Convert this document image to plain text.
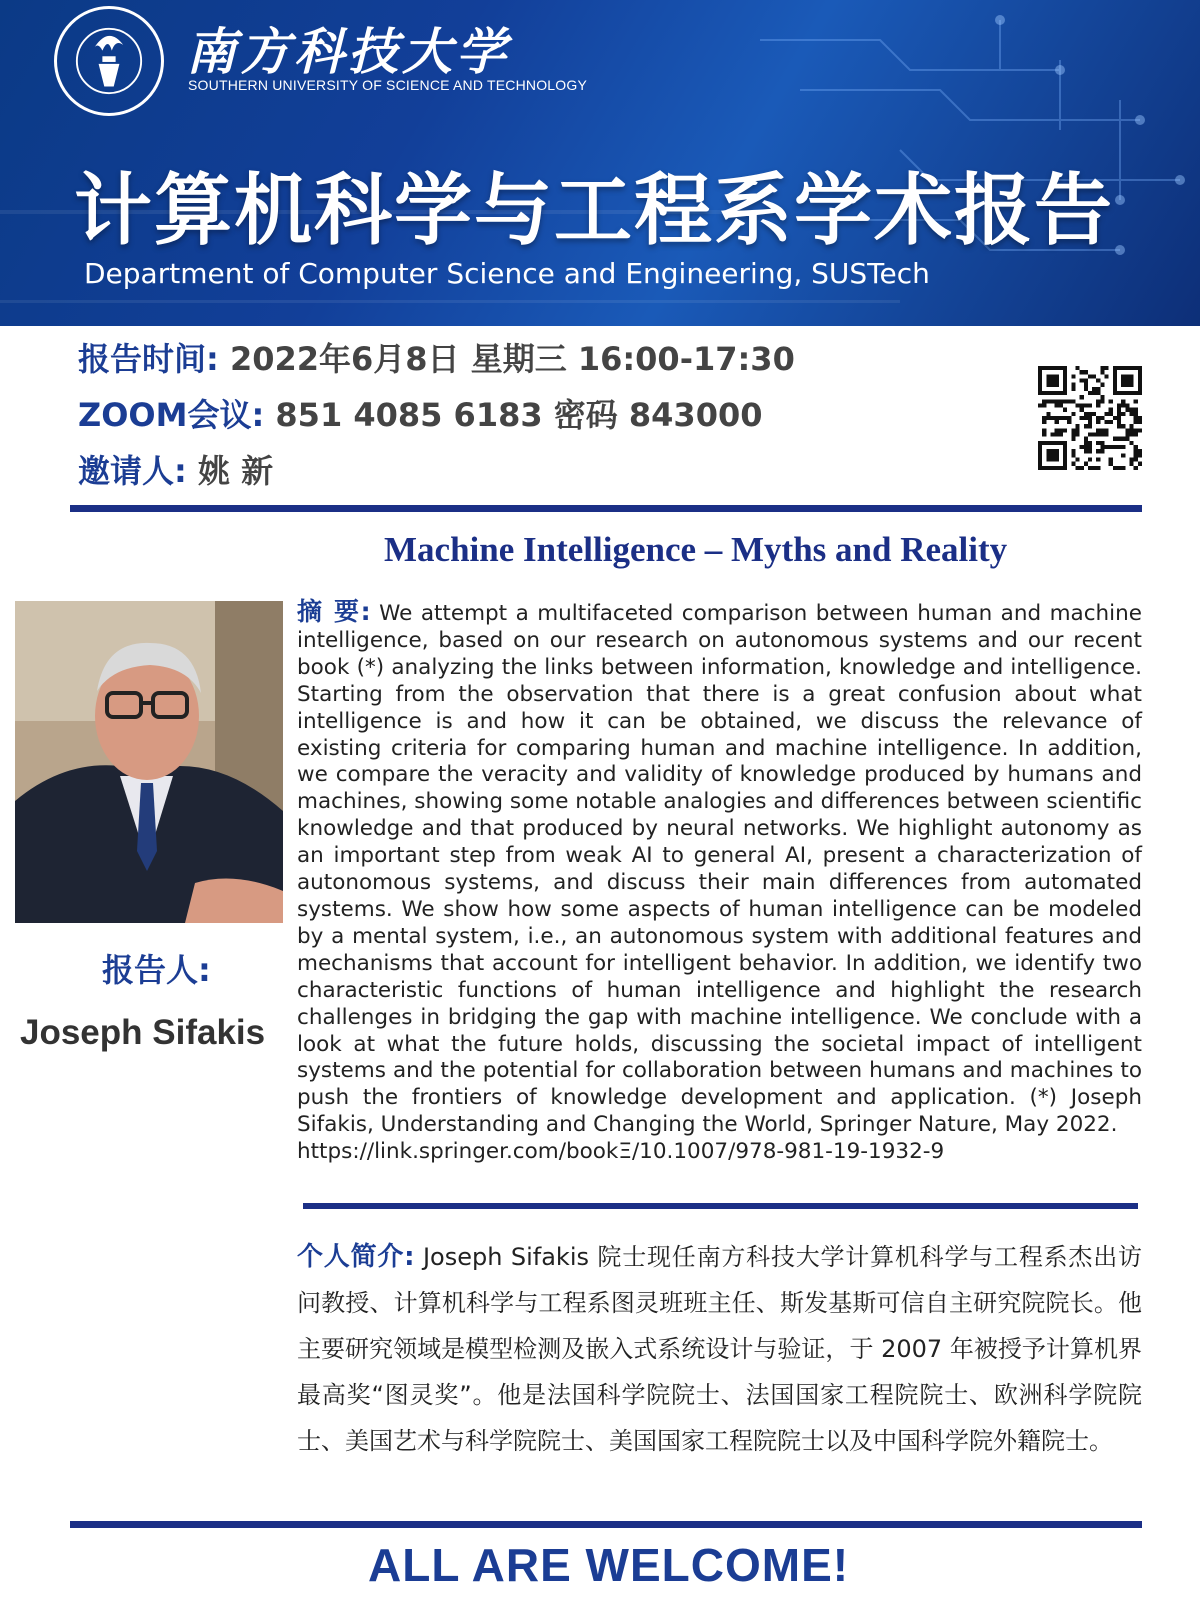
南方科技大学
SOUTHERN UNIVERSITY OF SCIENCE AND TECHNOLOGY
计算机科学与工程系学术报告
Department of Computer Science and Engineering, SUSTech
报告时间: 2022年6月8日 星期三 16:00-17:30
ZOOM会议: 851 4085 6183 密码 843000
邀请人: 姚 新
Machine Intelligence – Myths and Reality
报告人:
Joseph Sifakis

摘 要: We attempt a multifaceted comparison between human and machine intelligence, based on our research on autonomous systems and our recent book (*) analyzing the links between information, knowledge and intelligence. Starting from the observation that there is a great confusion about what intelligence is and how it can be obtained, we discuss the relevance of existing criteria for comparing human and machine intelligence. In addition, we compare the veracity and validity of knowledge produced by humans and machines, showing some notable analogies and differences between scientific knowledge and that produced by neural networks. We highlight autonomy as an important step from weak AI to general AI, present a characterization of autonomous systems, and discuss their main differences from automated systems. We show how some aspects of human intelligence can be modeled by a mental system, i.e., an autonomous system with additional features and mechanisms that account for intelligent behavior. In addition, we identify two characteristic functions of human intelligence and highlight the research challenges in bridging the gap with machine intelligence. We conclude with a look at what the future holds, discussing the societal impact of intelligent systems and the potential for collaboration between humans and machines to push the frontiers of knowledge development and application. (*) Joseph Sifakis, Understanding and Changing the World, Springer Nature, May 2022.
https://link.springer.com/bookΞ/10.1007/978-981-19-1932-9

个人简介: Joseph Sifakis 院士现任南方科技大学计算机科学与工程系杰出访问教授、计算机科学与工程系图灵班班主任、斯发基斯可信自主研究院院长。他主要研究领域是模型检测及嵌入式系统设计与验证，于 2007 年被授予计算机界最高奖“图灵奖”。他是法国科学院院士、法国国家工程院院士、欧洲科学院院士、美国艺术与科学院院士、美国国家工程院院士以及中国科学院外籍院士。

ALL ARE WELCOME!
